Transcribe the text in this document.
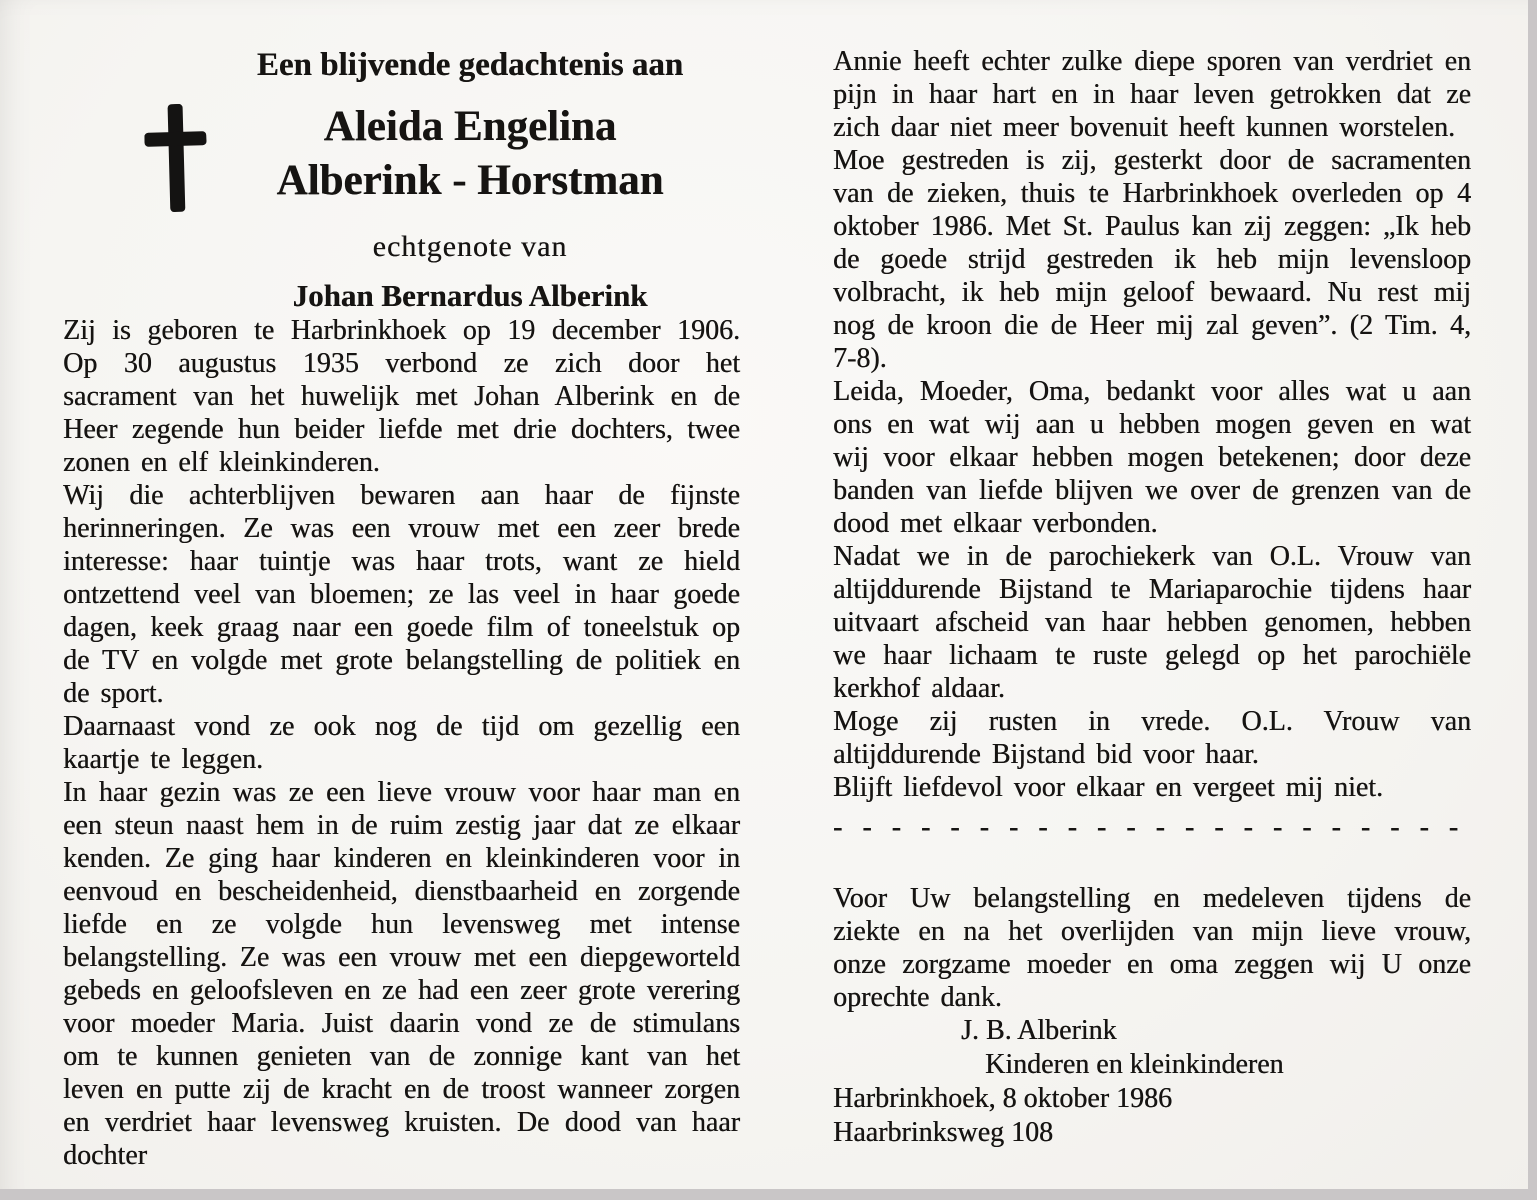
Een blijvende gedachtenis aan
Aleida Engelina
Alberink - Horstman
echtgenote van
Johan Bernardus Alberink

Zij is geboren te Harbrinkhoek op 19 december 1906. Op 30 augustus 1935 verbond ze zich door het sacrament van het huwelijk met Johan Alberink en de Heer zegende hun beider liefde met drie dochters, twee zonen en elf kleinkinderen.

Wij die achterblijven bewaren aan haar de fijnste herinneringen. Ze was een vrouw met een zeer brede interesse: haar tuintje was haar trots, want ze hield ontzettend veel van bloemen; ze las veel in haar goede dagen, keek graag naar een goede film of toneelstuk op de TV en volgde met grote belangstelling de politiek en de sport.

Daarnaast vond ze ook nog de tijd om gezellig een kaartje te leggen.

In haar gezin was ze een lieve vrouw voor haar man en een steun naast hem in de ruim zestig jaar dat ze elkaar kenden. Ze ging haar kinderen en kleinkinderen voor in eenvoud en bescheidenheid, dienstbaarheid en zorgende liefde en ze volgde hun levensweg met intense belangstelling. Ze was een vrouw met een diepgeworteld gebeds en geloofsleven en ze had een zeer grote verering voor moeder Maria. Juist daarin vond ze de stimulans om te kunnen genieten van de zonnige kant van het leven en putte zij de kracht en de troost wanneer zorgen en verdriet haar levensweg kruisten. De dood van haar dochter

Annie heeft echter zulke diepe sporen van verdriet en pijn in haar hart en in haar leven getrokken dat ze zich daar niet meer bovenuit heeft kunnen worstelen.

Moe gestreden is zij, gesterkt door de sacramenten van de zieken, thuis te Harbrinkhoek overleden op 4 oktober 1986. Met St. Paulus kan zij zeggen: „Ik heb de goede strijd gestreden ik heb mijn levensloop volbracht, ik heb mijn geloof bewaard. Nu rest mij nog de kroon die de Heer mij zal geven”. (2 Tim. 4, 7-8).

Leida, Moeder, Oma, bedankt voor alles wat u aan ons en wat wij aan u hebben mogen geven en wat wij voor elkaar hebben mogen betekenen; door deze banden van liefde blijven we over de grenzen van de dood met elkaar verbonden.

Nadat we in de parochiekerk van O.L. Vrouw van altijddurende Bijstand te Mariaparochie tijdens haar uitvaart afscheid van haar hebben genomen, hebben we haar lichaam te ruste gelegd op het parochiële kerkhof aldaar.

Moge zij rusten in vrede. O.L. Vrouw van altijddurende Bijstand bid voor haar.

Blijft liefdevol voor elkaar en vergeet mij niet.

- - - - - - - - - - - - - - - - - - - - - -

Voor Uw belangstelling en medeleven tijdens de ziekte en na het overlijden van mijn lieve vrouw, onze zorgzame moeder en oma zeggen wij U onze oprechte dank.

J. B. Alberink
Kinderen en kleinkinderen
Harbrinkhoek, 8 oktober 1986
Haarbrinksweg 108
